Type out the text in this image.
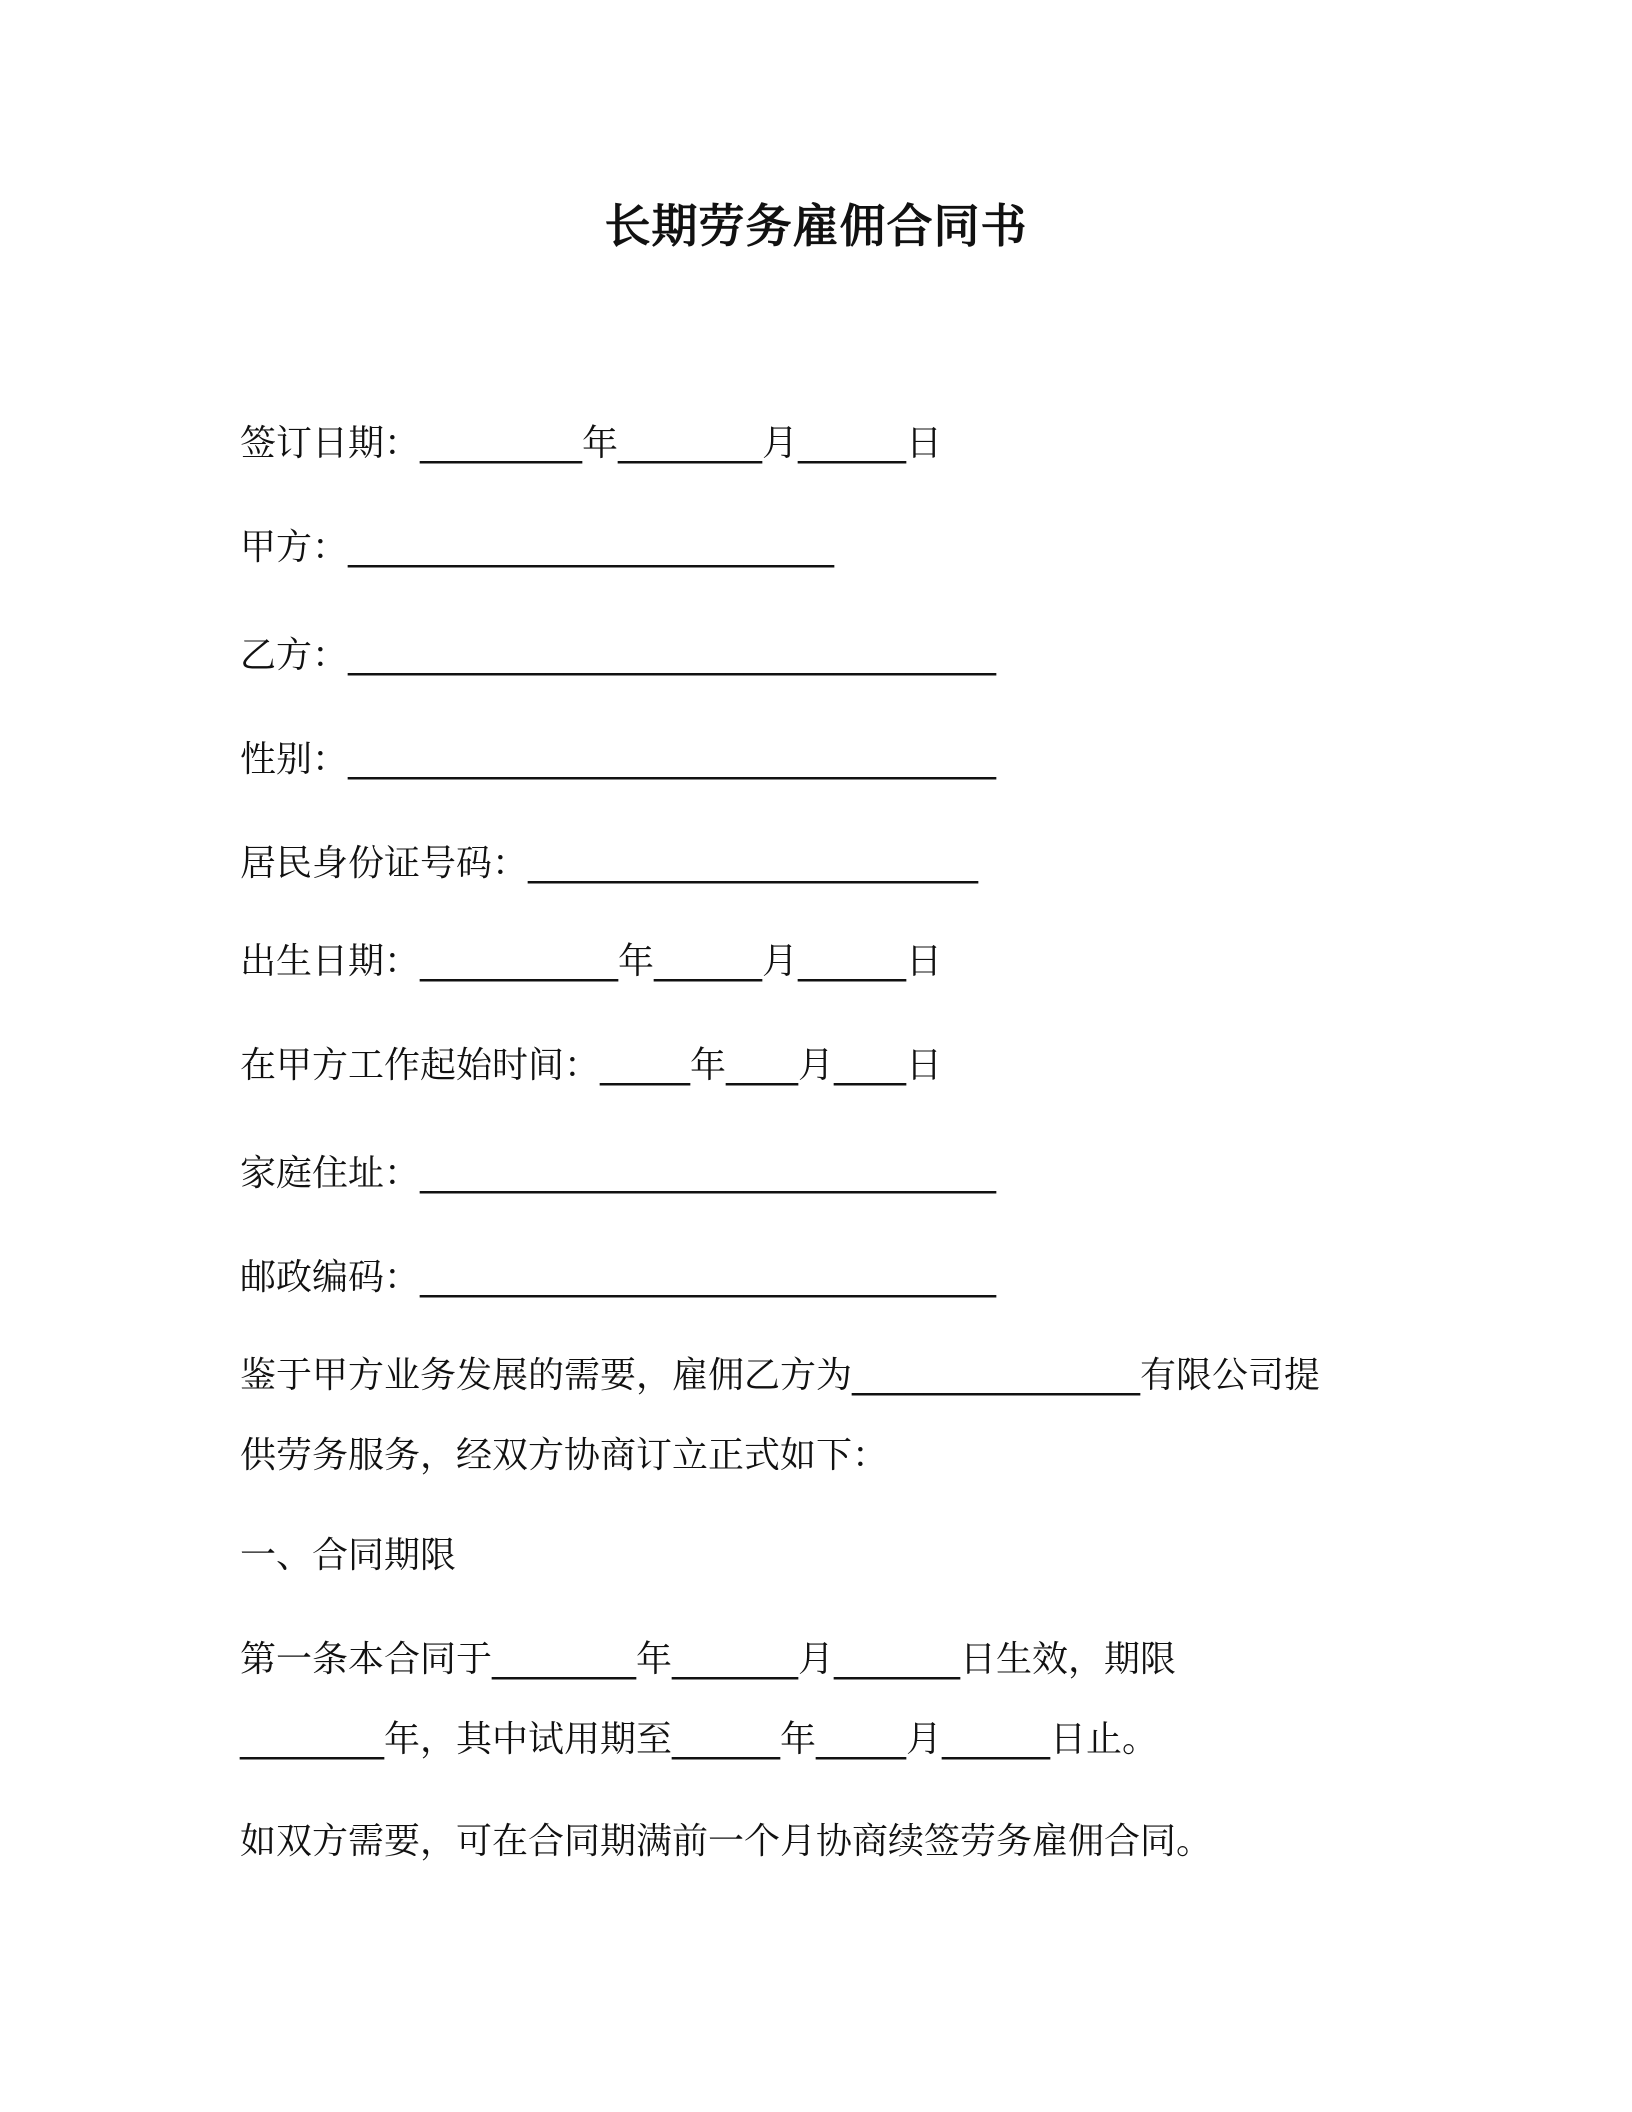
长期劳务雇佣合同书
签订日期：_________年________月______日
甲方：___________________________
乙方：____________________________________
性别：____________________________________
居民身份证号码：_________________________
出生日期：___________年______月______日
在甲方工作起始时间：_____年____月____日
家庭住址：________________________________
邮政编码：________________________________
鉴于甲方业务发展的需要，雇佣乙方为________________有限公司提
供劳务服务，经双方协商订立正式如下：
一、合同期限
第一条本合同于________年_______月_______日生效，期限
________年，其中试用期至______年_____月______日止。
如双方需要，可在合同期满前一个月协商续签劳务雇佣合同。
